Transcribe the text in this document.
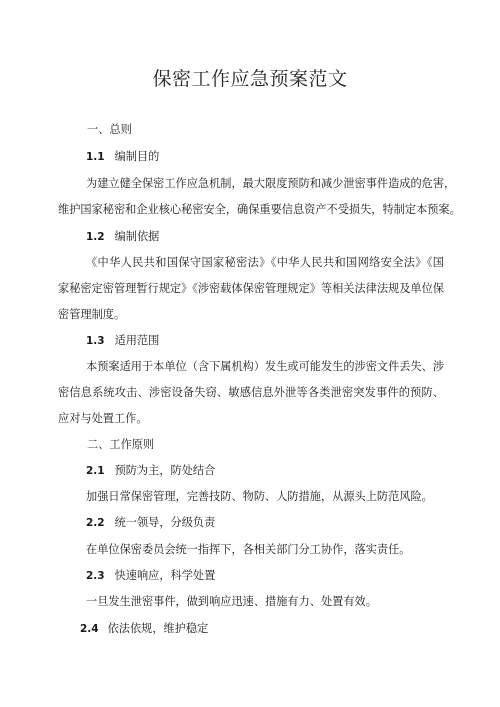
保密工作应急预案范文
一、总则
1.1 编制目的
为建立健全保密工作应急机制，最大限度预防和减少泄密事件造成的危害，
维护国家秘密和企业核心秘密安全，确保重要信息资产不受损失，特制定本预案。
1.2 编制依据
《中华人民共和国保守国家秘密法》《中华人民共和国网络安全法》《国
家秘密定密管理暂行规定》《涉密载体保密管理规定》等相关法律法规及单位保
密管理制度。
1.3 适用范围
本预案适用于本单位（含下属机构）发生或可能发生的涉密文件丢失、涉
密信息系统攻击、涉密设备失窃、敏感信息外泄等各类泄密突发事件的预防、
应对与处置工作。
二、工作原则
2.1 预防为主，防处结合
加强日常保密管理，完善技防、物防、人防措施，从源头上防范风险。
2.2 统一领导，分级负责
在单位保密委员会统一指挥下，各相关部门分工协作，落实责任。
2.3 快速响应，科学处置
一旦发生泄密事件，做到响应迅速、措施有力、处置有效。
2.4 依法依规，维护稳定
